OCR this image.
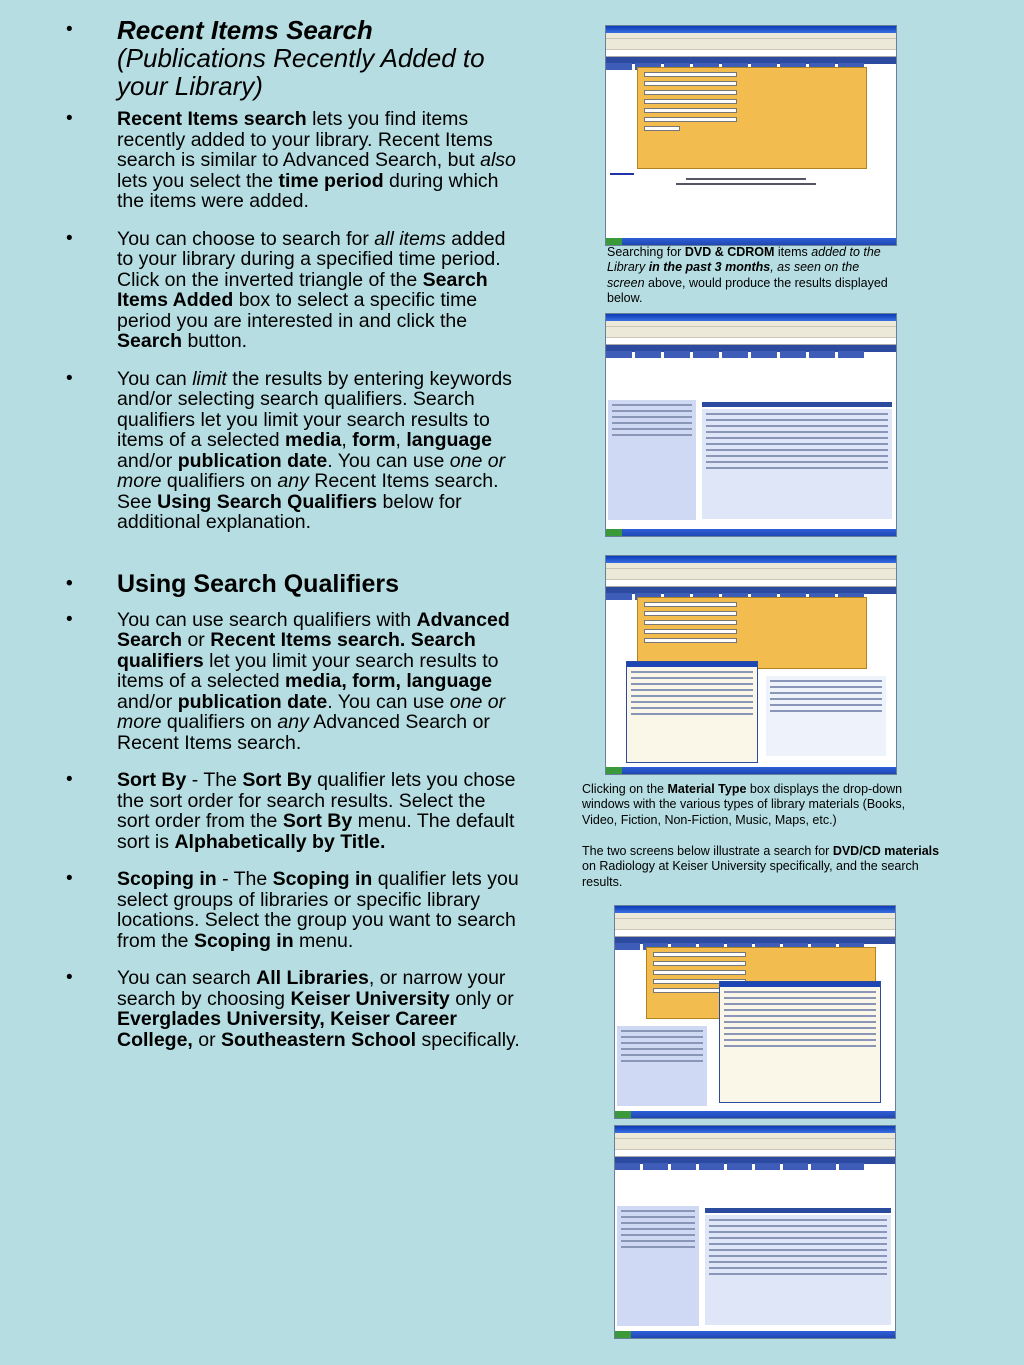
• Recent Items Search
(Publications Recently Added to your Library)
• Recent Items search lets you find items recently added to your library. Recent Items search is similar to Advanced Search, but also lets you select the time period during which the items were added.
• You can choose to search for all items added to your library during a specified time period. Click on the inverted triangle of the Search Items Added box to select a specific time period you are interested in and click the Search button.
• You can limit the results by entering keywords and/or selecting search qualifiers. Search qualifiers let you limit your search results to items of a selected media, form, language and/or publication date. You can use one or more qualifiers on any Recent Items search. See Using Search Qualifiers below for additional explanation.
• Using Search Qualifiers
• You can use search qualifiers with Advanced Search or Recent Items search. Search qualifiers let you limit your search results to items of a selected media, form, language and/or publication date. You can use one or more qualifiers on any Advanced Search or Recent Items search.
• Sort By - The Sort By qualifier lets you chose the sort order for search results. Select the sort order from the Sort By menu. The default sort is Alphabetically by Title.
• Scoping in - The Scoping in qualifier lets you select groups of libraries or specific library locations. Select the group you want to search from the Scoping in menu.
• You can search All Libraries, or narrow your search by choosing Keiser University only or Everglades University, Keiser Career College, or Southeastern School specifically.
Searching for DVD & CDROM items added to the Library in the past 3 months, as seen on the screen above, would produce the results displayed below.
Clicking on the Material Type box displays the drop-down windows with the various types of library materials (Books, Video, Fiction, Non-Fiction, Music, Maps, etc.)
The two screens below illustrate a search for DVD/CD materials on Radiology at Keiser University specifically, and the search results.
